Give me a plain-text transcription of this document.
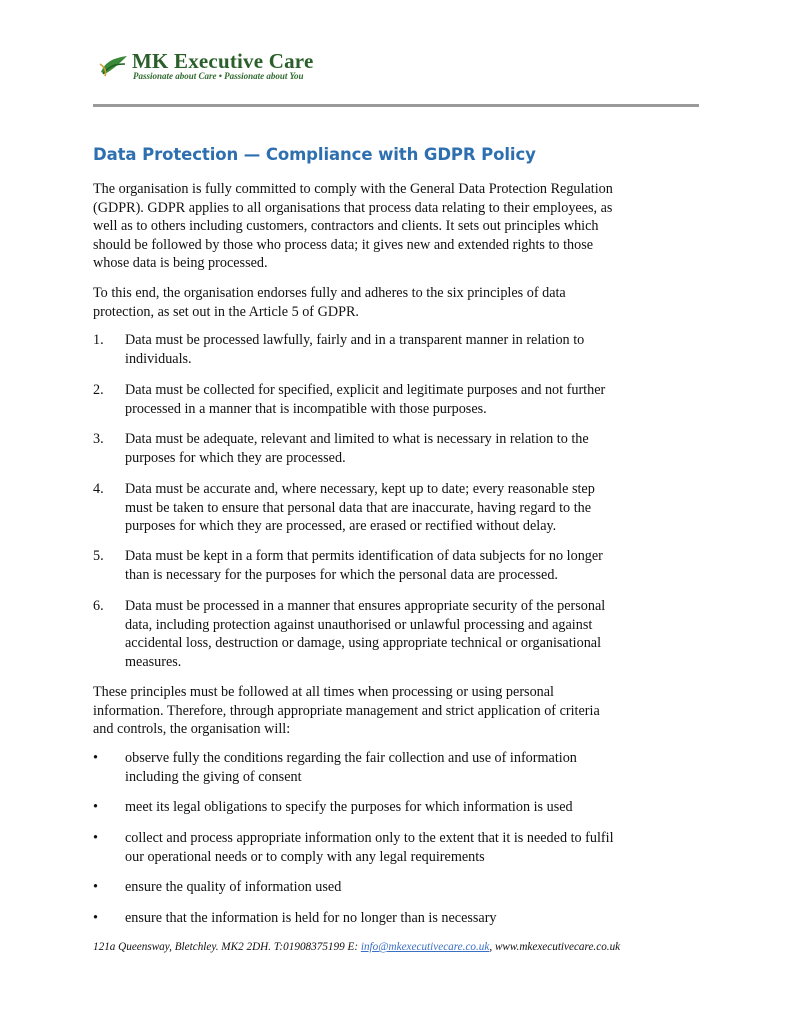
MK Executive Care
Passionate about Care • Passionate about You
Data Protection — Compliance with GDPR Policy
The organisation is fully committed to comply with the General Data Protection Regulation
(GDPR). GDPR applies to all organisations that process data relating to their employees, as
well as to others including customers, contractors and clients. It sets out principles which
should be followed by those who process data; it gives new and extended rights to those
whose data is being processed.
To this end, the organisation endorses fully and adheres to the six principles of data
protection, as set out in the Article 5 of GDPR.
1. Data must be processed lawfully, fairly and in a transparent manner in relation to
individuals.
2. Data must be collected for specified, explicit and legitimate purposes and not further
processed in a manner that is incompatible with those purposes.
3. Data must be adequate, relevant and limited to what is necessary in relation to the
purposes for which they are processed.
4. Data must be accurate and, where necessary, kept up to date; every reasonable step
must be taken to ensure that personal data that are inaccurate, having regard to the
purposes for which they are processed, are erased or rectified without delay.
5. Data must be kept in a form that permits identification of data subjects for no longer
than is necessary for the purposes for which the personal data are processed.
6. Data must be processed in a manner that ensures appropriate security of the personal
data, including protection against unauthorised or unlawful processing and against
accidental loss, destruction or damage, using appropriate technical or organisational
measures.
These principles must be followed at all times when processing or using personal
information. Therefore, through appropriate management and strict application of criteria
and controls, the organisation will:
• observe fully the conditions regarding the fair collection and use of information
including the giving of consent
• meet its legal obligations to specify the purposes for which information is used
• collect and process appropriate information only to the extent that it is needed to fulfil
our operational needs or to comply with any legal requirements
• ensure the quality of information used
• ensure that the information is held for no longer than is necessary
121a Queensway, Bletchley. MK2 2DH. T:01908375199 E: info@mkexecutivecare.co.uk, www.mkexecutivecare.co.uk
